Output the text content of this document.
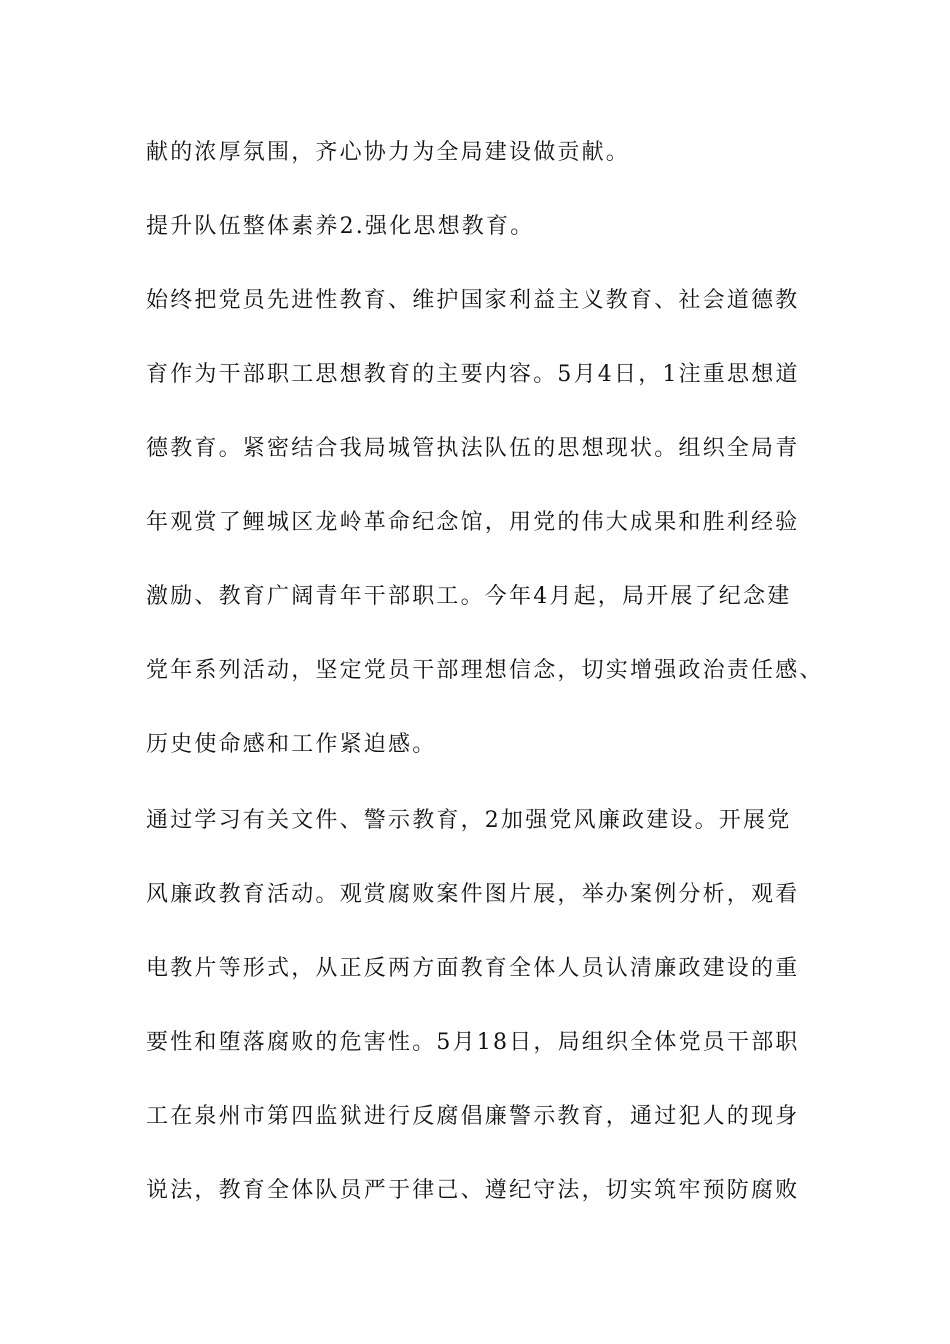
献的浓厚氛围，齐心协力为全局建设做贡献。
提升队伍整体素养2.强化思想教育。
始终把党员先进性教育、维护国家利益主义教育、社会道德教
育作为干部职工思想教育的主要内容。5月4日，1注重思想道
德教育。紧密结合我局城管执法队伍的思想现状。组织全局青
年观赏了鲤城区龙岭革命纪念馆，用党的伟大成果和胜利经验
激励、教育广阔青年干部职工。今年4月起，局开展了纪念建
党年系列活动，坚定党员干部理想信念，切实增强政治责任感、
历史使命感和工作紧迫感。
通过学习有关文件、警示教育，2加强党风廉政建设。开展党
风廉政教育活动。观赏腐败案件图片展，举办案例分析，观看
电教片等形式，从正反两方面教育全体人员认清廉政建设的重
要性和堕落腐败的危害性。5月18日，局组织全体党员干部职
工在泉州市第四监狱进行反腐倡廉警示教育，通过犯人的现身
说法，教育全体队员严于律己、遵纪守法，切实筑牢预防腐败
